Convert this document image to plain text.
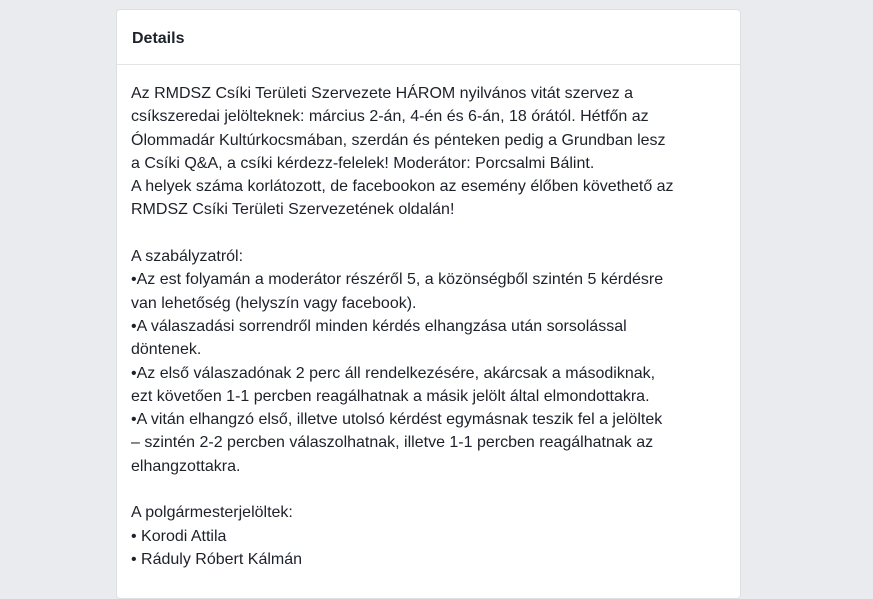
Details
Az RMDSZ Csíki Területi Szervezete HÁROM nyilvános vitát szervez a
csíkszeredai jelölteknek: március 2-án, 4-én és 6-án, 18 órától. Hétfőn az
Ólommadár Kultúrkocsmában, szerdán és pénteken pedig a Grundban lesz
a Csíki Q&A, a csíki kérdezz-felelek! Moderátor: Porcsalmi Bálint.
A helyek száma korlátozott, de facebookon az esemény élőben követhető az
RMDSZ Csíki Területi Szervezetének oldalán!
A szabályzatról:
•Az est folyamán a moderátor részéről 5, a közönségből szintén 5 kérdésre
van lehetőség (helyszín vagy facebook).
•A válaszadási sorrendről minden kérdés elhangzása után sorsolással
döntenek.
•Az első válaszadónak 2 perc áll rendelkezésére, akárcsak a másodiknak,
ezt követően 1-1 percben reagálhatnak a másik jelölt által elmondottakra.
•A vitán elhangzó első, illetve utolsó kérdést egymásnak teszik fel a jelöltek
– szintén 2-2 percben válaszolhatnak, illetve 1-1 percben reagálhatnak az
elhangzottakra.
A polgármesterjelöltek:
• Korodi Attila
• Ráduly Róbert Kálmán
